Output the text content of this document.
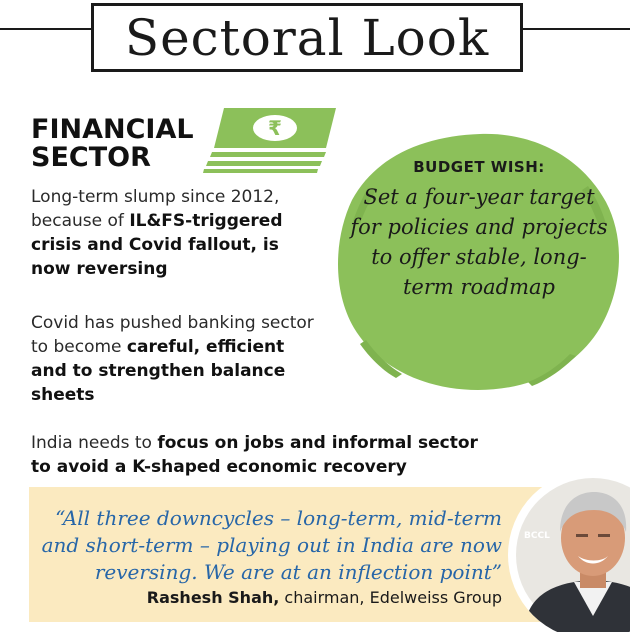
Sectoral Look
FINANCIAL
SECTOR
₹

Long-term slump since 2012, because of IL&FS-triggered crisis and Covid fallout, is now reversing

Covid has pushed banking sector to become careful, efficient and to strengthen balance sheets

India needs to focus on jobs and informal sector to avoid a K-shaped economic recovery

BUDGET WISH:
Set a four-year target for policies and projects to offer stable, long-term roadmap

“All three downcycles – long-term, mid-term and short-term – playing out in India are now reversing. We are at an inflection point”

Rashesh Shah, chairman, Edelweiss Group

BCCL
